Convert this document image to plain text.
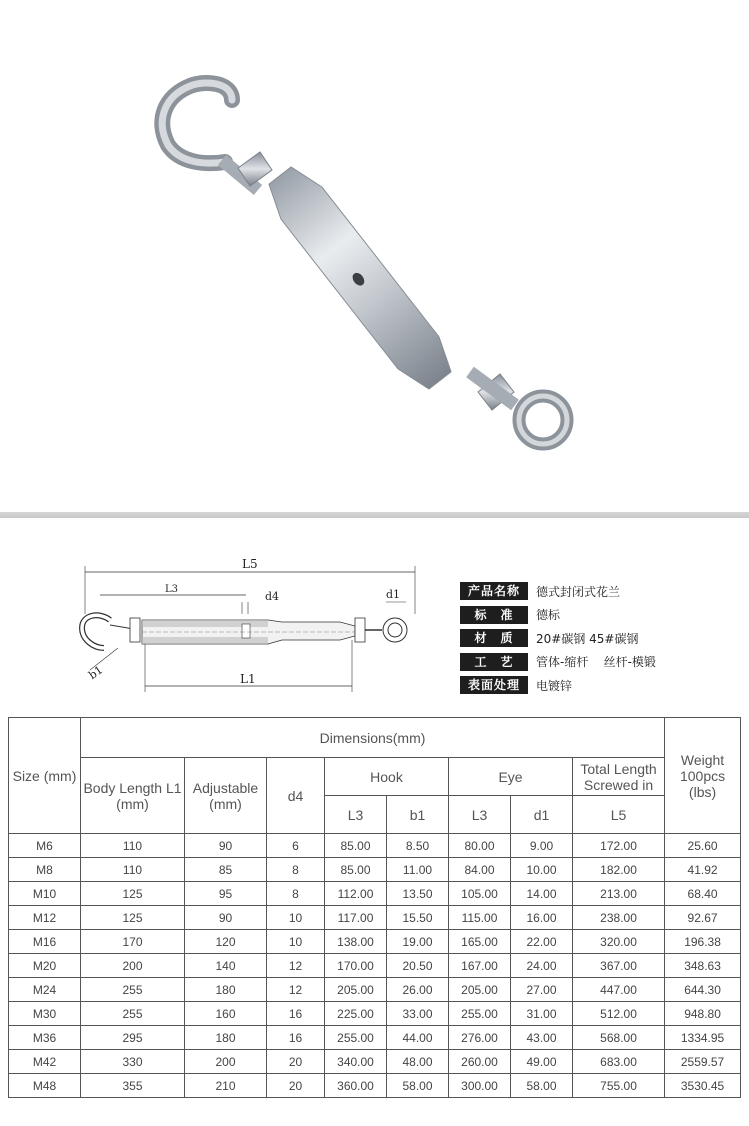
L5
L3
d4	d1
L1
b1
产品名称	德式封闭式花兰
标　准	德标
材　质	20#碳钢 45#碳钢
工　艺	管体-缩杆    丝杆-模锻
表面处理	电镀锌
Size (mm)	Dimensions(mm)								Weight 100pcs (lbs)
	Body Length L1 (mm)	Adjustable (mm)	d4	Hook		Eye		Total Length Screwed in	
				L3	b1	L3	d1	L5	
M6	110	90	6	85.00	8.50	80.00	9.00	172.00	25.60
M8	110	85	8	85.00	11.00	84.00	10.00	182.00	41.92
M10	125	95	8	112.00	13.50	105.00	14.00	213.00	68.40
M12	125	90	10	117.00	15.50	115.00	16.00	238.00	92.67
M16	170	120	10	138.00	19.00	165.00	22.00	320.00	196.38
M20	200	140	12	170.00	20.50	167.00	24.00	367.00	348.63
M24	255	180	12	205.00	26.00	205.00	27.00	447.00	644.30
M30	255	160	16	225.00	33.00	255.00	31.00	512.00	948.80
M36	295	180	16	255.00	44.00	276.00	43.00	568.00	1334.95
M42	330	200	20	340.00	48.00	260.00	49.00	683.00	2559.57
M48	355	210	20	360.00	58.00	300.00	58.00	755.00	3530.45
